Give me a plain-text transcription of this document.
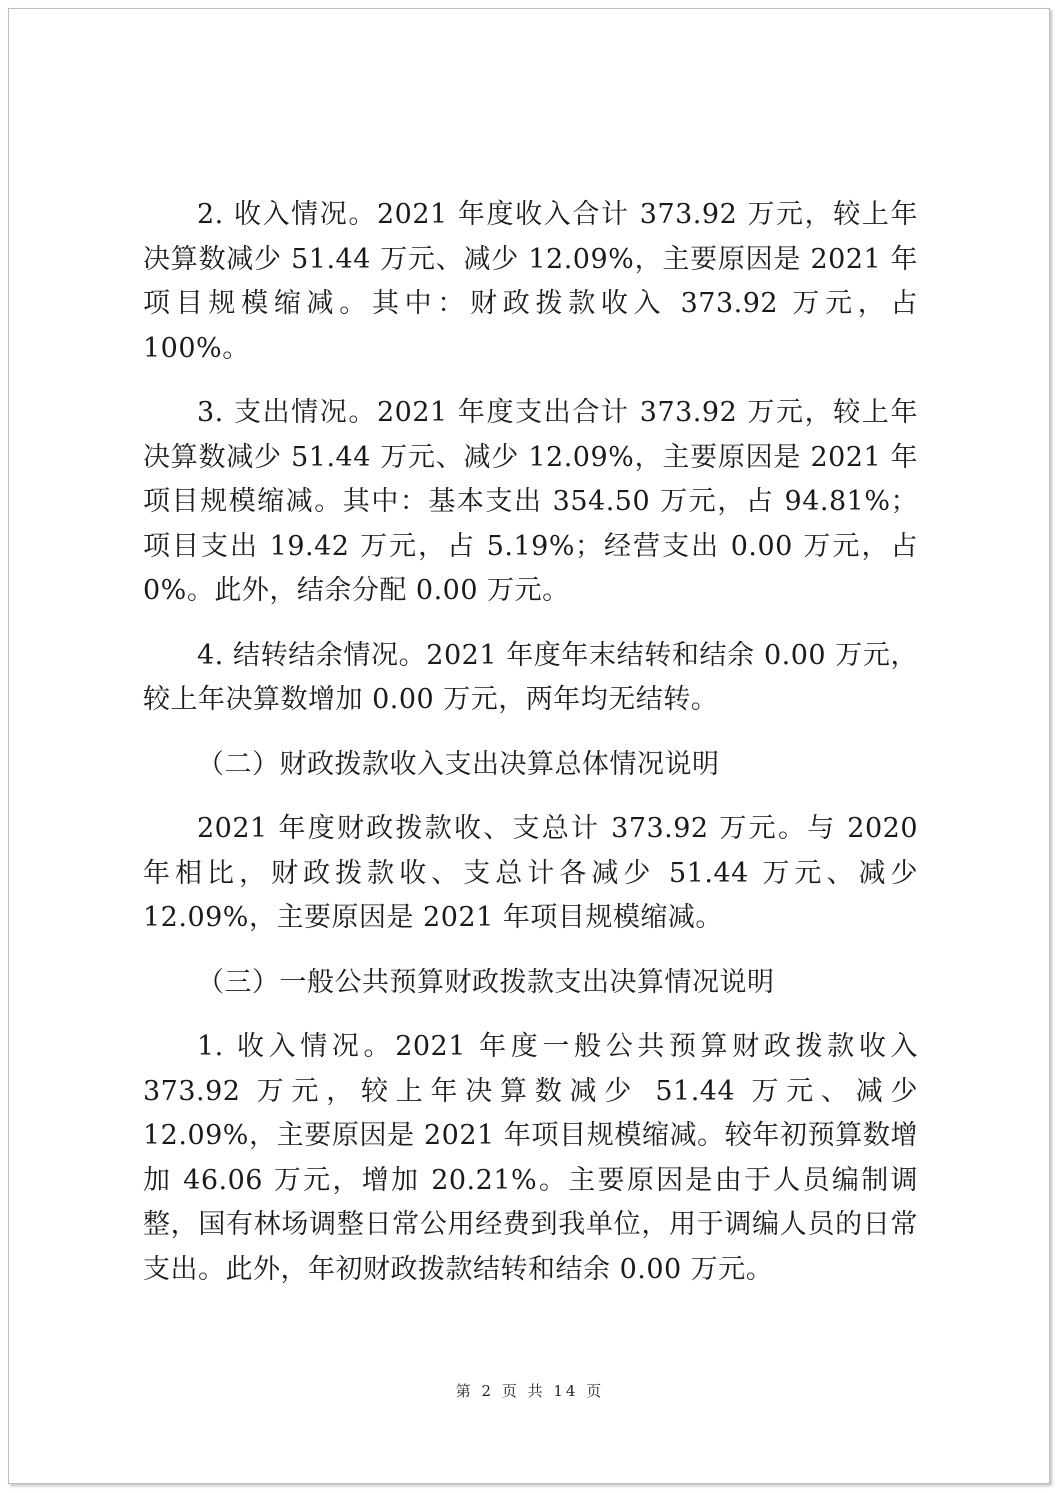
2. 收入情况。2021 年度收入合计 373.92 万元，较上年决算数减少 51.44 万元、减少 12.09%，主要原因是 2021 年项目规模缩减。其中：财政拨款收入 373.92 万元，占 100%。

3. 支出情况。2021 年度支出合计 373.92 万元，较上年决算数减少 51.44 万元、减少 12.09%，主要原因是 2021 年项目规模缩减。其中：基本支出 354.50 万元，占 94.81%；项目支出 19.42 万元，占 5.19%；经营支出 0.00 万元，占 0%。此外，结余分配 0.00 万元。

4. 结转结余情况。2021 年度年末结转和结余 0.00 万元，较上年决算数增加 0.00 万元，两年均无结转。

（二）财政拨款收入支出决算总体情况说明

2021 年度财政拨款收、支总计 373.92 万元。与 2020 年相比，财政拨款收、支总计各减少 51.44 万元、减少 12.09%，主要原因是 2021 年项目规模缩减。

（三）一般公共预算财政拨款支出决算情况说明

1. 收入情况。2021 年度一般公共预算财政拨款收入 373.92 万元，较上年决算数减少 51.44 万元、减少 12.09%，主要原因是 2021 年项目规模缩减。较年初预算数增加 46.06 万元，增加 20.21%。主要原因是由于人员编制调整，国有林场调整日常公用经费到我单位，用于调编人员的日常支出。此外，年初财政拨款结转和结余 0.00 万元。

第 2 页 共 14 页
